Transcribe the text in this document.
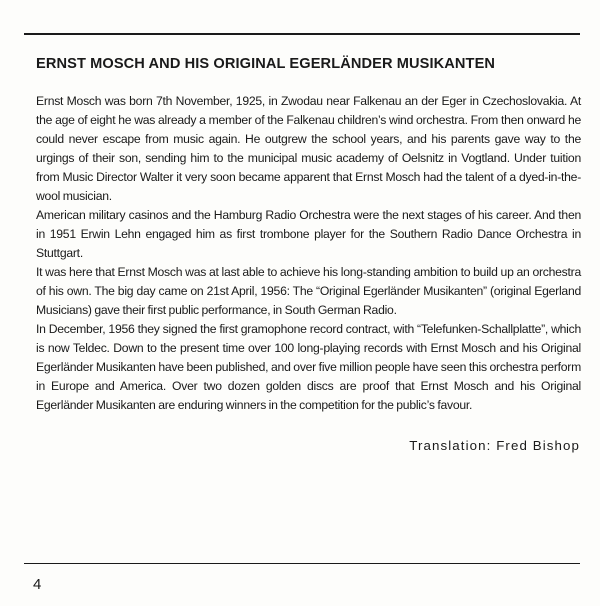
ERNST MOSCH AND HIS ORIGINAL EGERLÄNDER MUSIKANTEN

Ernst Mosch was born 7th November, 1925, in Zwodau near Falkenau an der Eger in Czechoslovakia. At the age of eight he was already a member of the Falkenau children’s wind orchestra. From then onward he could never escape from music again. He outgrew the school years, and his parents gave way to the urgings of their son, sending him to the municipal music academy of Oelsnitz in Vogtland. Under tuition from Music Director Walter it very soon became apparent that Ernst Mosch had the talent of a dyed-in-the-wool musician.

American military casinos and the Hamburg Radio Orchestra were the next stages of his career. And then in 1951 Erwin Lehn engaged him as first trombone player for the Southern Radio Dance Orchestra in Stuttgart.

It was here that Ernst Mosch was at last able to achieve his long-standing ambition to build up an orchestra of his own. The big day came on 21st April, 1956: The “Original Egerländer Musikanten” (original Egerland Musicians) gave their first public performance, in South German Radio.

In December, 1956 they signed the first gramophone record contract, with “Telefunken-Schallplatte”, which is now Teldec. Down to the present time over 100 long-playing records with Ernst Mosch and his Original Egerländer Musikanten have been published, and over five million people have seen this orchestra perform in Europe and America. Over two dozen golden discs are proof that Ernst Mosch and his Original Egerländer Musikanten are enduring winners in the competition for the public’s favour.

Translation: Fred Bishop
4
